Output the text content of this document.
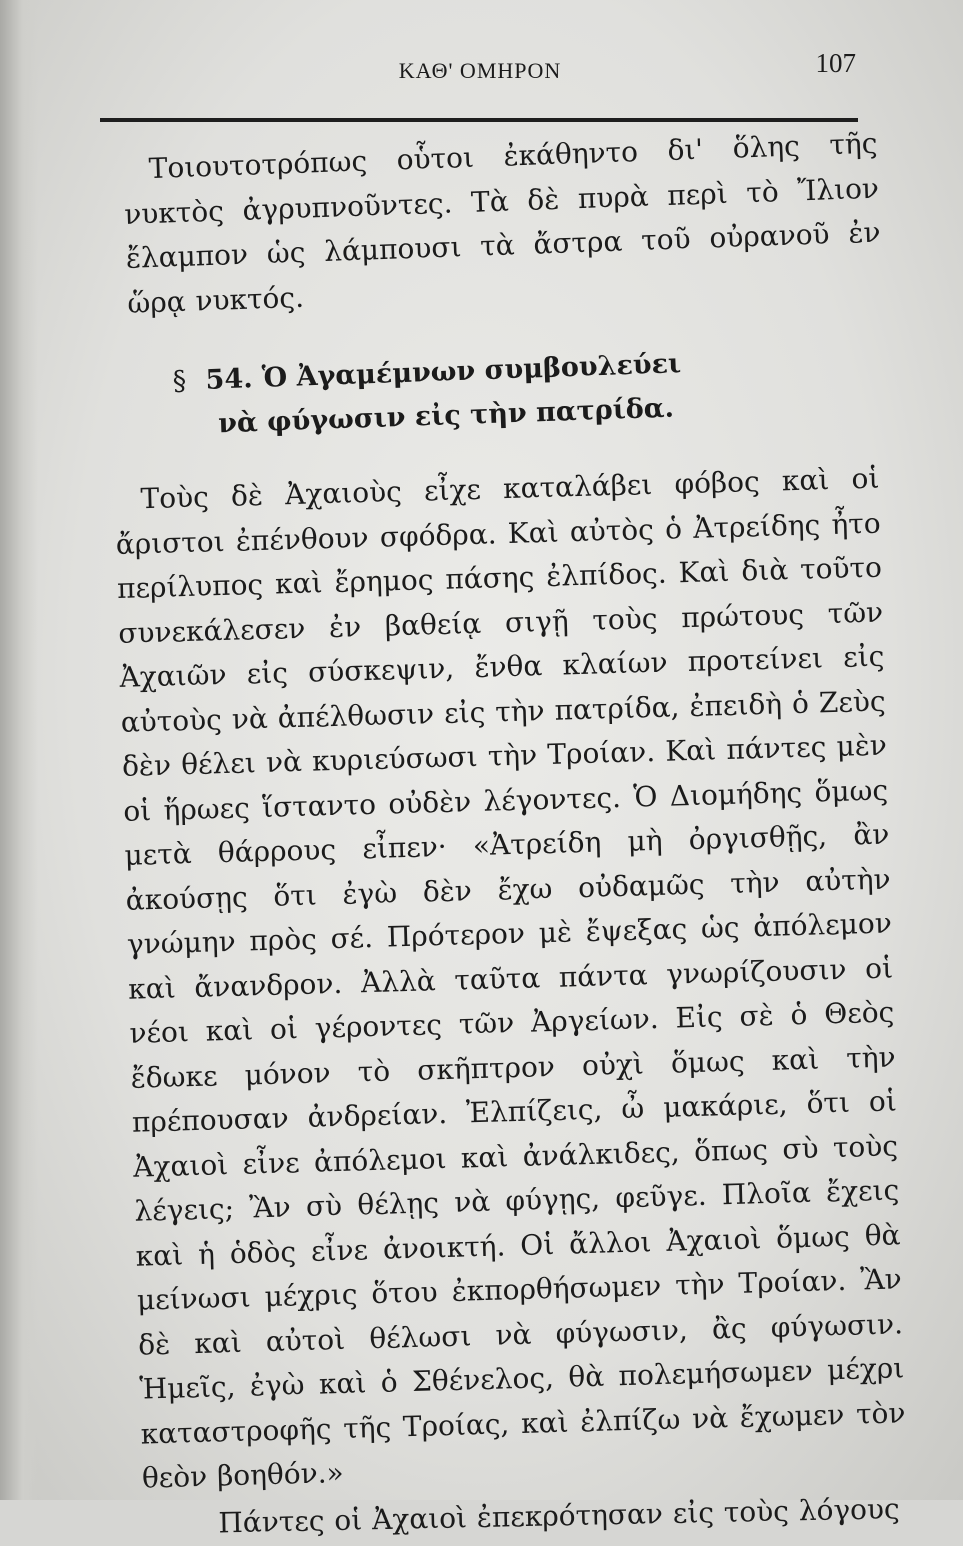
ΚΑΘ' ΟΜΗΡΟΝ	107

Τοιουτοτρόπως οὗτοι ἐκάθηντο δι' ὅλης τῆς νυκτὸς ἀγρυπνοῦντες. Τὰ δὲ πυρὰ περὶ τὸ Ἴλιον ἔλαμπον ὡς λάμπουσι τὰ ἄστρα τοῦ οὐρανοῦ ἐν ὥρᾳ νυκτός.

§ 54. Ὁ Ἀγαμέμνων συμβουλεύει
νὰ φύγωσιν εἰς τὴν πατρίδα.

Τοὺς δὲ Ἀχαιοὺς εἶχε καταλάβει φόβος καὶ οἱ ἄριστοι ἐπένθουν σφόδρα. Καὶ αὐτὸς ὁ Ἀτρείδης ἦτο περίλυπος καὶ ἔρημος πάσης ἐλπίδος. Καὶ διὰ τοῦτο συνεκάλεσεν ἐν βαθείᾳ σιγῇ τοὺς πρώτους τῶν Ἀχαιῶν εἰς σύσκεψιν, ἔνθα κλαίων προτείνει εἰς αὐτοὺς νὰ ἀπέλθωσιν εἰς τὴν πατρίδα, ἐπειδὴ ὁ Ζεὺς δὲν θέλει νὰ κυριεύσωσι τὴν Τροίαν. Καὶ πάντες μὲν οἱ ἥρωες ἵσταντο οὐδὲν λέγοντες. Ὁ Διομήδης ὅμως μετὰ θάρρους εἶπεν· «Ἀτρείδη μὴ ὀργισθῇς, ἂν ἀκούσῃς ὅτι ἐγὼ δὲν ἔχω οὐδαμῶς τὴν αὐτὴν γνώμην πρὸς σέ. Πρότερον μὲ ἔψεξας ὡς ἀπόλεμον καὶ ἄνανδρον. Ἀλλὰ ταῦτα πάντα γνωρίζουσιν οἱ νέοι καὶ οἱ γέροντες τῶν Ἀργείων. Εἰς σὲ ὁ Θεὸς ἔδωκε μόνον τὸ σκῆπτρον οὐχὶ ὅμως καὶ τὴν πρέπουσαν ἀνδρείαν. Ἐλπίζεις, ὦ μακάριε, ὅτι οἱ Ἀχαιοὶ εἶνε ἀπόλεμοι καὶ ἀνάλκιδες, ὅπως σὺ τοὺς λέγεις; Ἂν σὺ θέλῃς νὰ φύγῃς, φεῦγε. Πλοῖα ἔχεις καὶ ἡ ὁδὸς εἶνε ἀνοικτή. Οἱ ἄλλοι Ἀχαιοὶ ὅμως θὰ μείνωσι μέχρις ὅτου ἐκπορθήσωμεν τὴν Τροίαν. Ἂν δὲ καὶ αὐτοὶ θέλωσι νὰ φύγωσιν, ἂς φύγωσιν. Ἡμεῖς, ἐγὼ καὶ ὁ Σθένελος, θὰ πολεμήσωμεν μέχρι καταστροφῆς τῆς Τροίας, καὶ ἐλπίζω νὰ ἔχωμεν τὸν θεὸν βοηθόν.»

Πάντες οἱ Ἀχαιοὶ ἐπεκρότησαν εἰς τοὺς λόγους
